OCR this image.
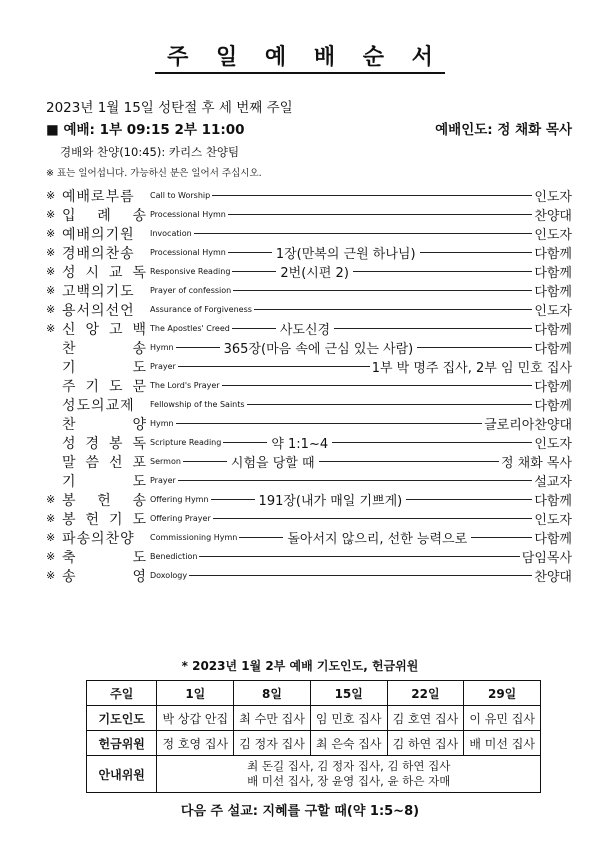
주 일 예 배 순 서
2023년 1월 15일 성탄절 후 세 번째 주일
■ 예배: 1부 09:15 2부 11:00	예배인도: 정 채화 목사
경배와 찬양(10:45): 카리스 찬양팀
※ 표는 일어섭니다. 가능하신 분은 일어서 주십시오.
※ 예배로부름	Call to Worship	인도자
※ 입 례 송 Processional Hymn	찬양대
※ 예배의기원	Invocation	인도자
※ 경배의찬송	Processional Hymn	1장(만복의 근원 하나님)	다함께
※ 성 시 교 독 Responsive Reading	2번(시편 2)	다함께
※ 고백의기도	Prayer of confession	다함께
※ 용서의선언	Assurance of Forgiveness	인도자
※ 신 앙 고 백 The Apostles' Creed	사도신경	다함께
찬	송 Hymn	365장(마음 속에 근심 있는 사람)	다함께
기	도 Prayer	1부 박 명주 집사, 2부 임 민호 집사
주 기 도 문 The Lord's Prayer	다함께
성도의교제	Fellowship of the Saints	다함께
찬	양 Hymn	글로리아찬양대
성 경 봉 독 Scripture Reading	약 1:1~4	인도자
말 씀 선 포 Sermon	시험을 당할 때	정 채화 목사
기	도 Prayer	설교자
※ 봉 헌 송 Offering Hymn	191장(내가 매일 기쁘게)	다함께
※ 봉 헌 기 도 Offering Prayer	인도자
※ 파송의찬양	Commissioning Hymn	돌아서지 않으리, 선한 능력으로	다함께
※ 축	도 Benediction	담임목사
※ 송	영 Doxology	찬양대
* 2023년 1월 2부 예배 기도인도, 헌금위원
주일	1일	8일	15일	22일	29일
기도인도	박 상갑 안집	최 수만 집사	임 민호 집사	김 호연 집사	이 유민 집사
헌금위원	정 호영 집사	김 정자 집사	최 은숙 집사	김 하연 집사	배 미선 집사
안내위원	최 돈길 집사, 김 정자 집사, 김 하연 집사
배 미선 집사, 장 윤영 집사, 윤 하은 자매				
다음 주 설교: 지혜를 구할 때(약 1:5~8)
